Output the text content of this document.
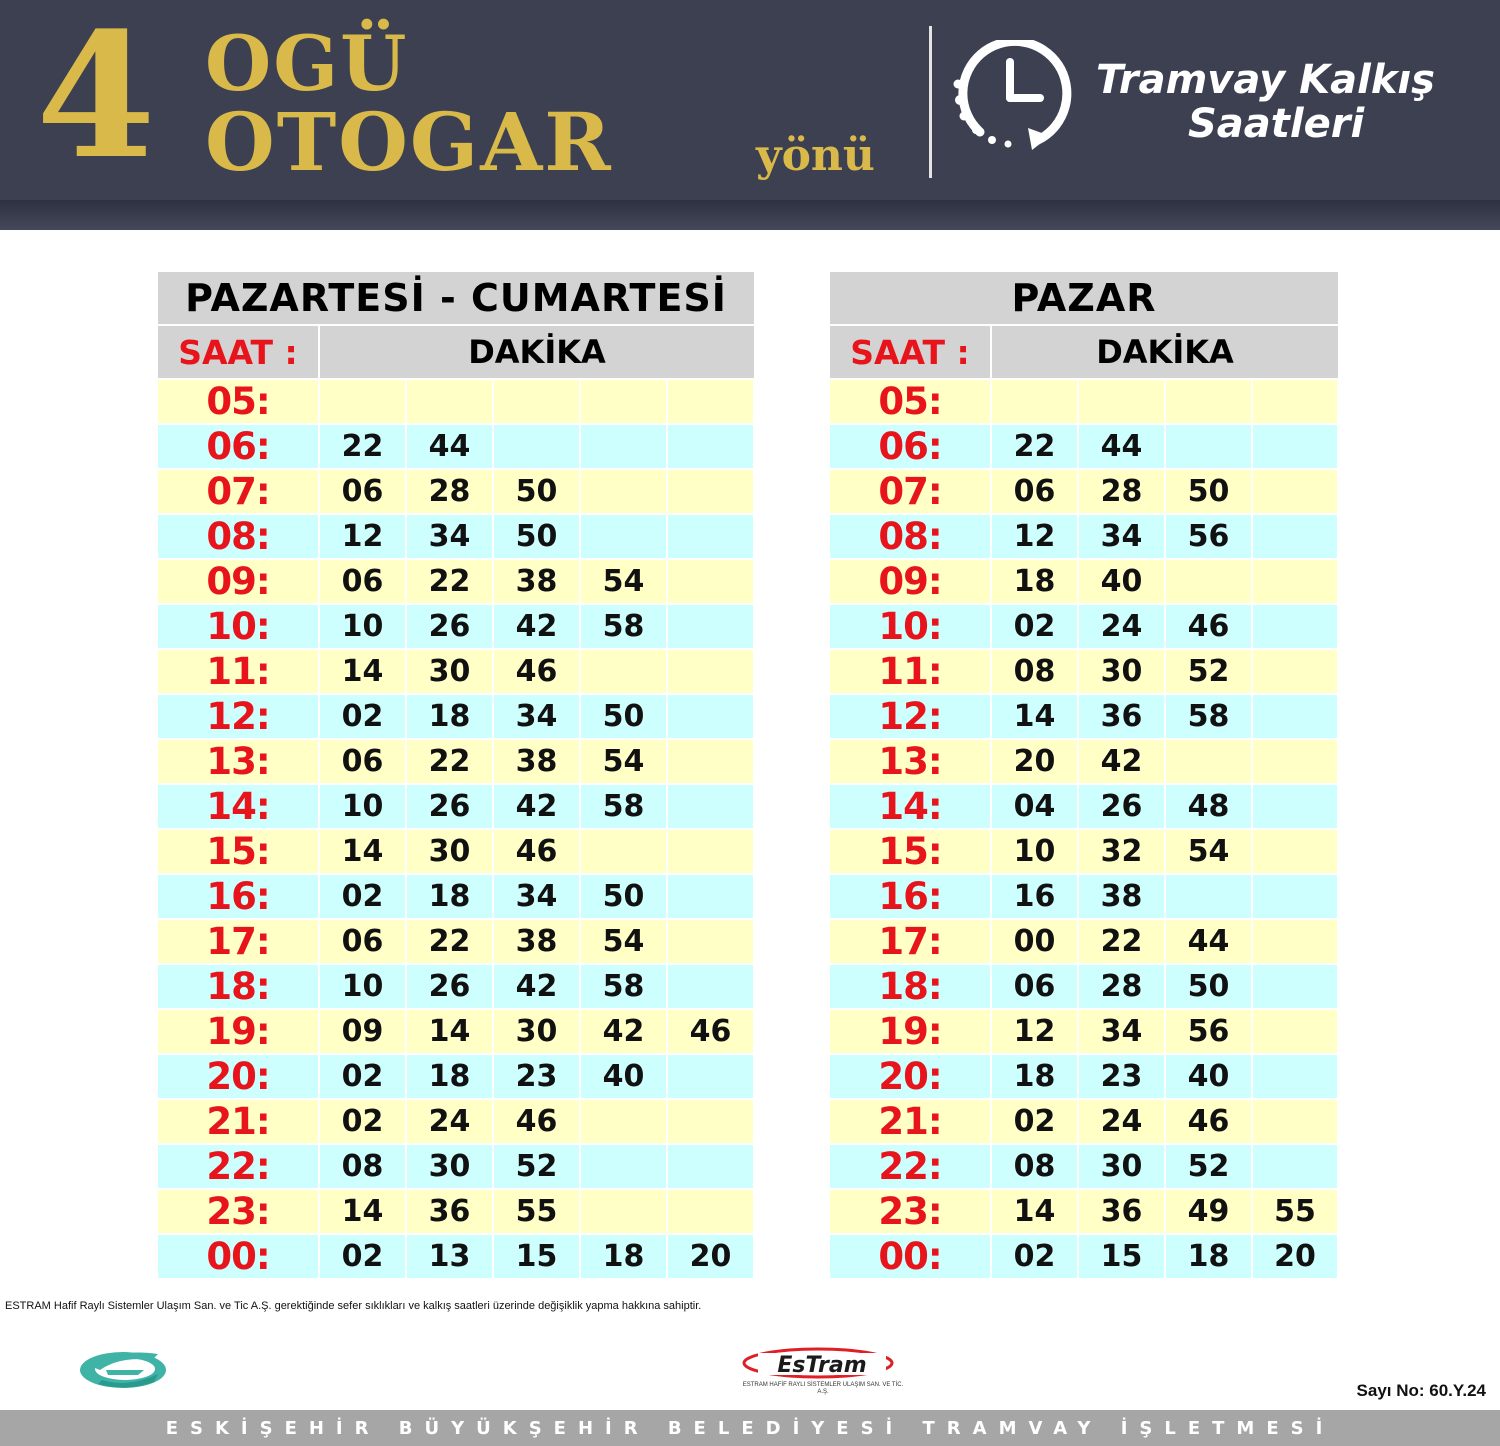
4 OGÜ
OTOGAR	yönü
Tramvay Kalkış
Saatleri
PAZARTESİ - CUMARTESİ
SAAT :	DAKİKA
05:
06:	22	44
07:	06	28	50
08:	12	34	50
09:	06	22	38	54
10:	10	26	42	58
11:	14	30	46
12:	02	18	34	50
13:	06	22	38	54
14:	10	26	42	58
15:	14	30	46
16:	02	18	34	50
17:	06	22	38	54
18:	10	26	42	58
19:	09	14	30	42	46
20:	02	18	23	40
21:	02	24	46
22:	08	30	52
23:	14	36	55
00:	02	13	15	18	20
PAZAR
SAAT :	DAKİKA
05:
06:	22	44
07:	06	28	50
08:	12	34	56
09:	18	40
10:	02	24	46
11:	08	30	52
12:	14	36	58
13:	20	42
14:	04	26	48
15:	10	32	54
16:	16	38
17:	00	22	44
18:	06	28	50
19:	12	34	56
20:	18	23	40
21:	02	24	46
22:	08	30	52
23:	14	36	49	55
00:	02	15	18	20
ESTRAM Hafif Raylı Sistemler Ulaşım San. ve Tic A.Ş. gerektiğinde sefer sıklıkları ve kalkış saatleri üzerinde değişiklik yapma hakkına sahiptir.
EsTram
ESTRAM HAFİF RAYLI SİSTEMLER ULAŞIM SAN. VE TİC. A.Ş.	Sayı No: 60.Y.24
ESKİŞEHİR BÜYÜKŞEHİR BELEDİYESİ TRAMVAY İŞLETMESİ
